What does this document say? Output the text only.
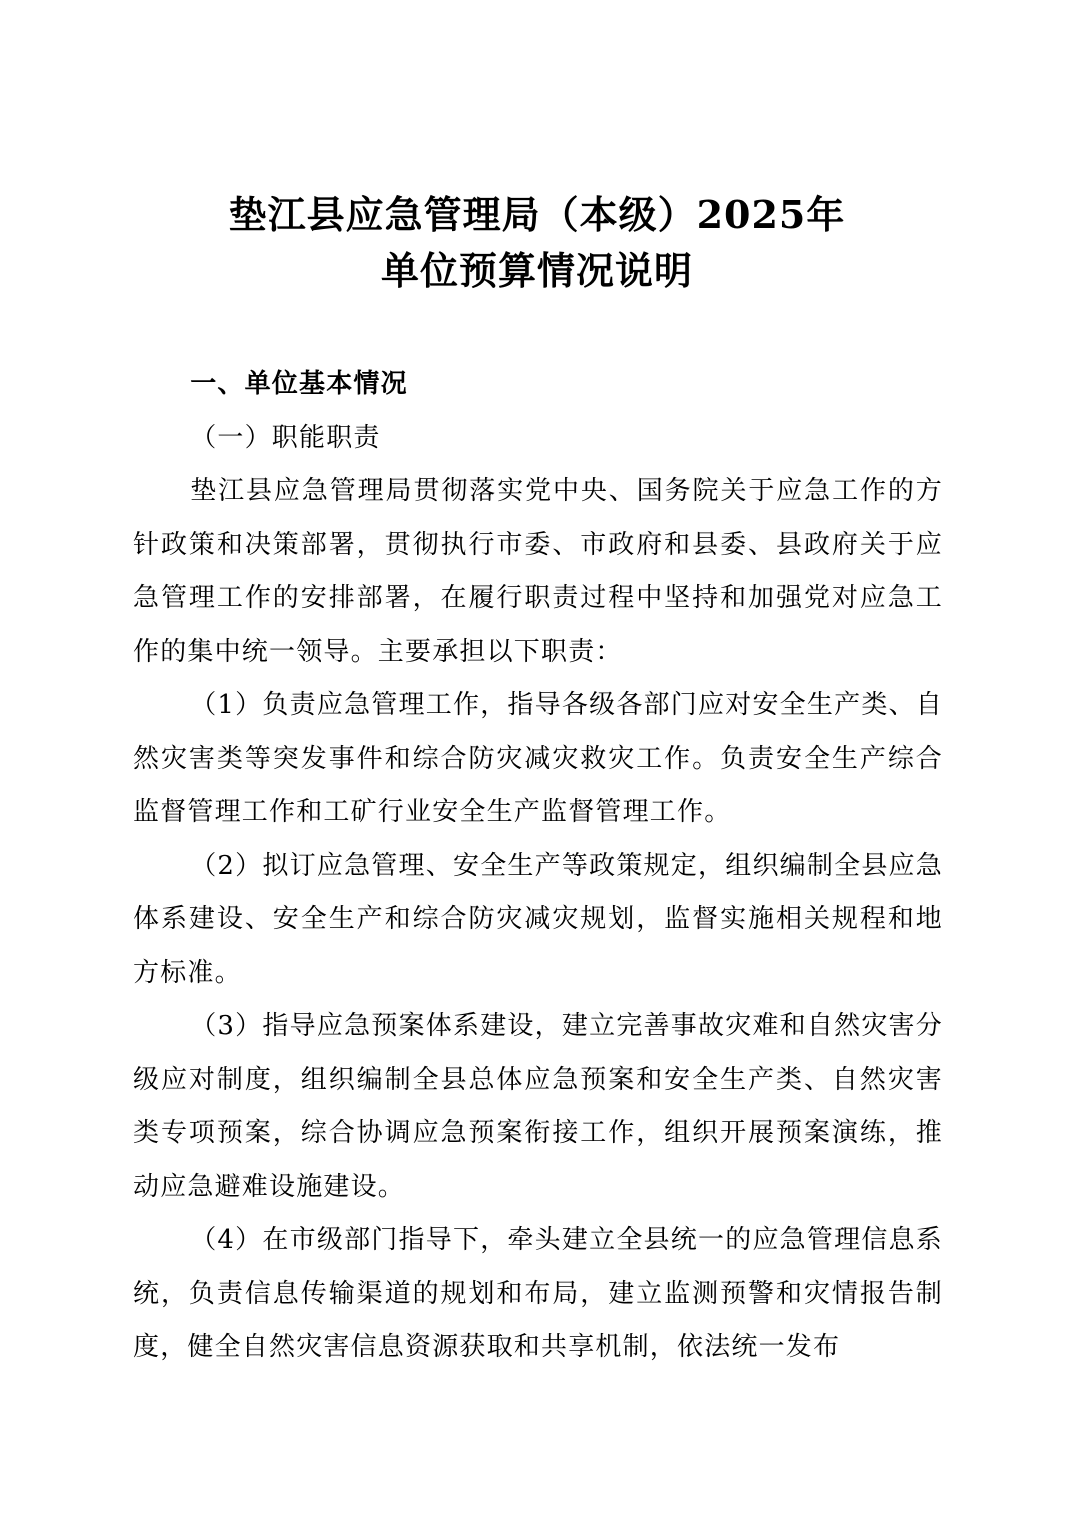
垫江县应急管理局（本级）2025年
单位预算情况说明
一、单位基本情况
（一）职能职责

垫江县应急管理局贯彻落实党中央、国务院关于应急工作的方针政策和决策部署，贯彻执行市委、市政府和县委、县政府关于应急管理工作的安排部署，在履行职责过程中坚持和加强党对应急工作的集中统一领导。主要承担以下职责：

（1）负责应急管理工作，指导各级各部门应对安全生产类、自然灾害类等突发事件和综合防灾减灾救灾工作。负责安全生产综合监督管理工作和工矿行业安全生产监督管理工作。

（2）拟订应急管理、安全生产等政策规定，组织编制全县应急体系建设、安全生产和综合防灾减灾规划，监督实施相关规程和地方标准。

（3）指导应急预案体系建设，建立完善事故灾难和自然灾害分级应对制度，组织编制全县总体应急预案和安全生产类、自然灾害类专项预案，综合协调应急预案衔接工作，组织开展预案演练，推动应急避难设施建设。

（4）在市级部门指导下，牵头建立全县统一的应急管理信息系统，负责信息传输渠道的规划和布局，建立监测预警和灾情报告制度，健全自然灾害信息资源获取和共享机制，依法统一发布
